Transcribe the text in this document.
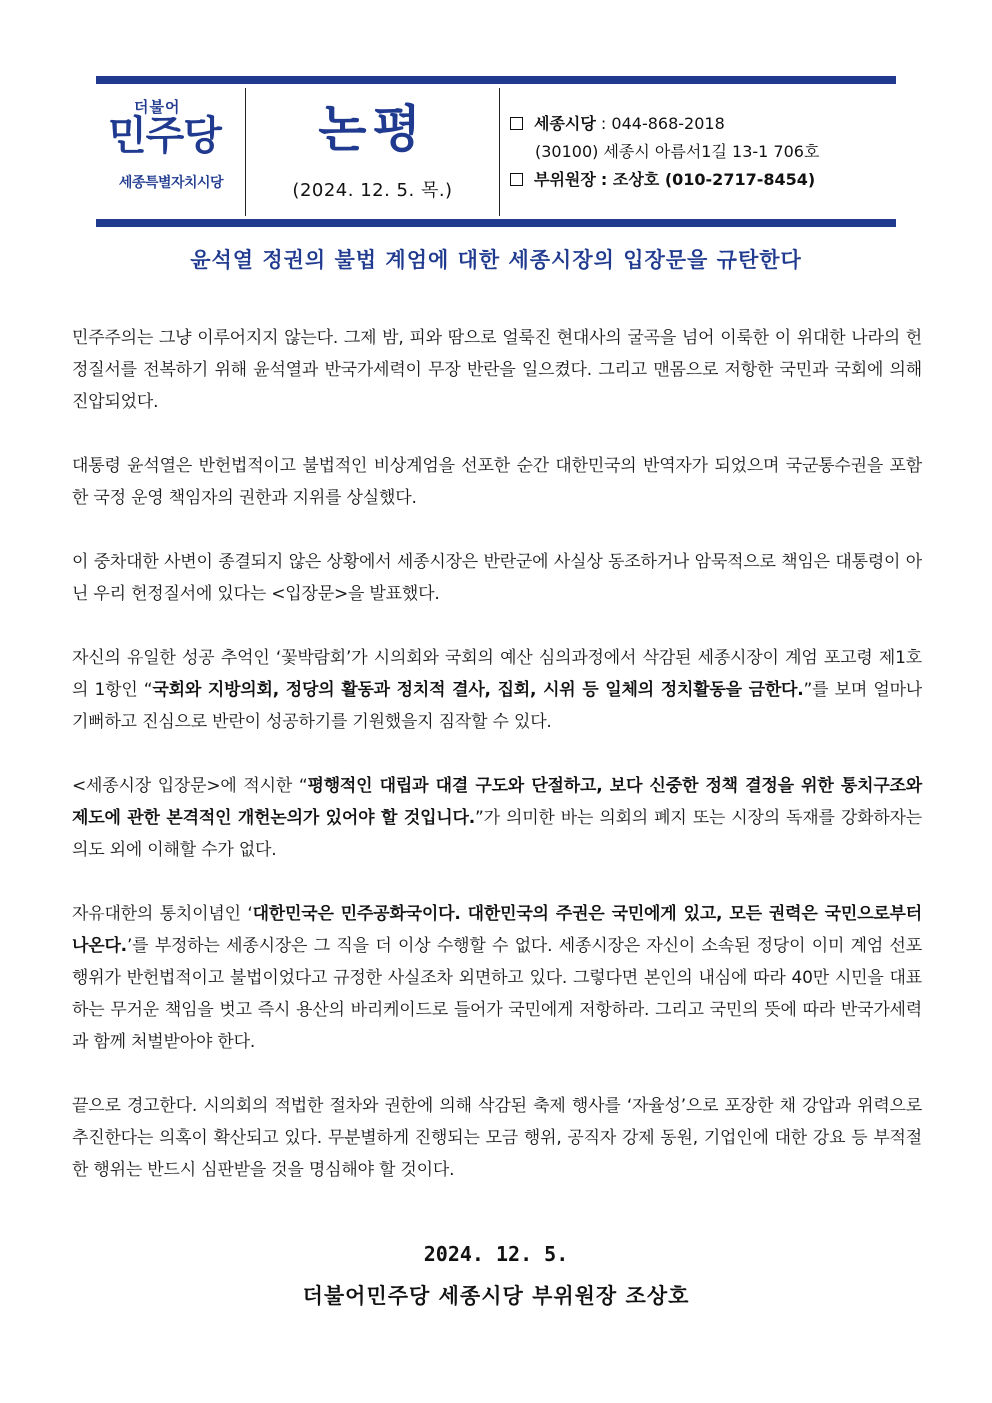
더불어
민주당
세종특별자치시당
논평
(2024. 12. 5. 목.)
세종시당 : 044-868-2018
(30100) 세종시 아름서1길 13-1 706호
부위원장 : 조상호 (010-2717-8454)
윤석열 정권의 불법 계엄에 대한 세종시장의 입장문을 규탄한다

민주주의는 그냥 이루어지지 않는다. 그제 밤, 피와 땀으로 얼룩진 현대사의 굴곡을 넘어 이룩한 이 위대한 나라의 헌정질서를 전복하기 위해 윤석열과 반국가세력이 무장 반란을 일으켰다. 그리고 맨몸으로 저항한 국민과 국회에 의해 진압되었다.

대통령 윤석열은 반헌법적이고 불법적인 비상계엄을 선포한 순간 대한민국의 반역자가 되었으며 국군통수권을 포함한 국정 운영 책임자의 권한과 지위를 상실했다.

이 중차대한 사변이 종결되지 않은 상황에서 세종시장은 반란군에 사실상 동조하거나 암묵적으로 책임은 대통령이 아닌 우리 헌정질서에 있다는 <입장문>을 발표했다.

자신의 유일한 성공 추억인 ‘꽃박람회’가 시의회와 국회의 예산 심의과정에서 삭감된 세종시장이 계엄 포고령 제1호의 1항인 “국회와 지방의회, 정당의 활동과 정치적 결사, 집회, 시위 등 일체의 정치활동을 금한다.”를 보며 얼마나 기뻐하고 진심으로 반란이 성공하기를 기원했을지 짐작할 수 있다.

<세종시장 입장문>에 적시한 “평행적인 대립과 대결 구도와 단절하고, 보다 신중한 정책 결정을 위한 통치구조와 제도에 관한 본격적인 개헌논의가 있어야 할 것입니다.”가 의미한 바는 의회의 폐지 또는 시장의 독재를 강화하자는 의도 외에 이해할 수가 없다.

자유대한의 통치이념인 ‘대한민국은 민주공화국이다. 대한민국의 주권은 국민에게 있고, 모든 권력은 국민으로부터 나온다.’를 부정하는 세종시장은 그 직을 더 이상 수행할 수 없다. 세종시장은 자신이 소속된 정당이 이미 계엄 선포 행위가 반헌법적이고 불법이었다고 규정한 사실조차 외면하고 있다. 그렇다면 본인의 내심에 따라 40만 시민을 대표하는 무거운 책임을 벗고 즉시 용산의 바리케이드로 들어가 국민에게 저항하라. 그리고 국민의 뜻에 따라 반국가세력과 함께 처벌받아야 한다.

끝으로 경고한다. 시의회의 적법한 절차와 권한에 의해 삭감된 축제 행사를 ‘자율성’으로 포장한 채 강압과 위력으로 추진한다는 의혹이 확산되고 있다. 무분별하게 진행되는 모금 행위, 공직자 강제 동원, 기업인에 대한 강요 등 부적절한 행위는 반드시 심판받을 것을 명심해야 할 것이다.

2024. 12. 5.
더불어민주당 세종시당 부위원장 조상호
